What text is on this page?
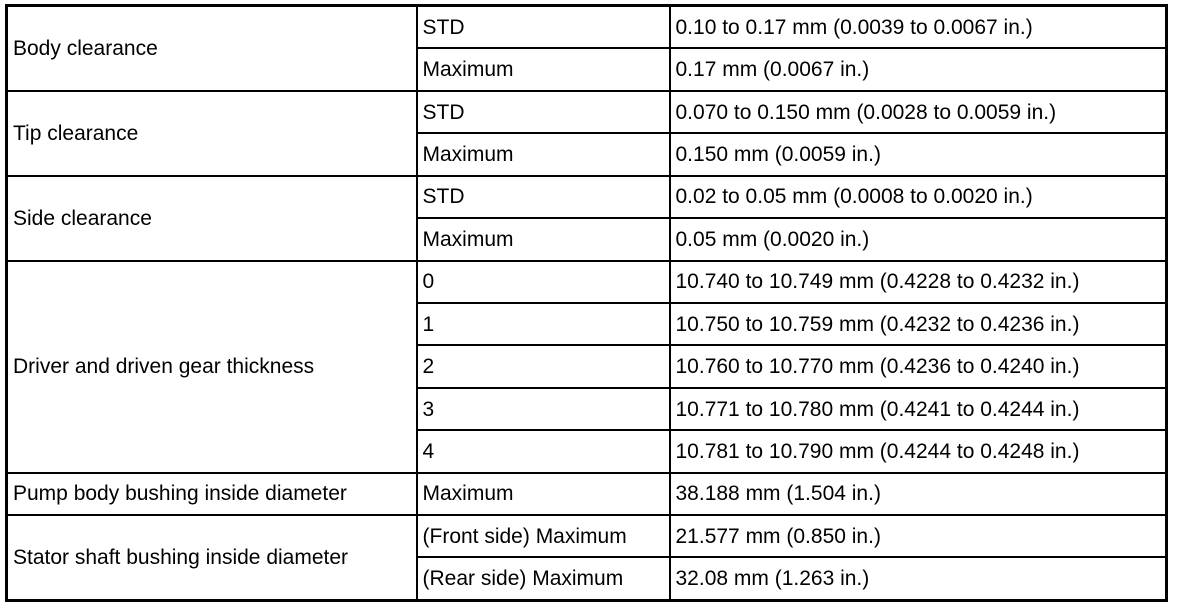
Body clearance	STD	0.10 to 0.17 mm (0.0039 to 0.0067 in.)
	Maximum	0.17 mm (0.0067 in.)
Tip clearance	STD	0.070 to 0.150 mm (0.0028 to 0.0059 in.)
	Maximum	0.150 mm (0.0059 in.)
Side clearance	STD	0.02 to 0.05 mm (0.0008 to 0.0020 in.)
	Maximum	0.05 mm (0.0020 in.)
Driver and driven gear thickness	0	10.740 to 10.749 mm (0.4228 to 0.4232 in.)
	1	10.750 to 10.759 mm (0.4232 to 0.4236 in.)
	2	10.760 to 10.770 mm (0.4236 to 0.4240 in.)
	3	10.771 to 10.780 mm (0.4241 to 0.4244 in.)
	4	10.781 to 10.790 mm (0.4244 to 0.4248 in.)
Pump body bushing inside diameter	Maximum	38.188 mm (1.504 in.)
Stator shaft bushing inside diameter	(Front side) Maximum	21.577 mm (0.850 in.)
	(Rear side) Maximum	32.08 mm (1.263 in.)
